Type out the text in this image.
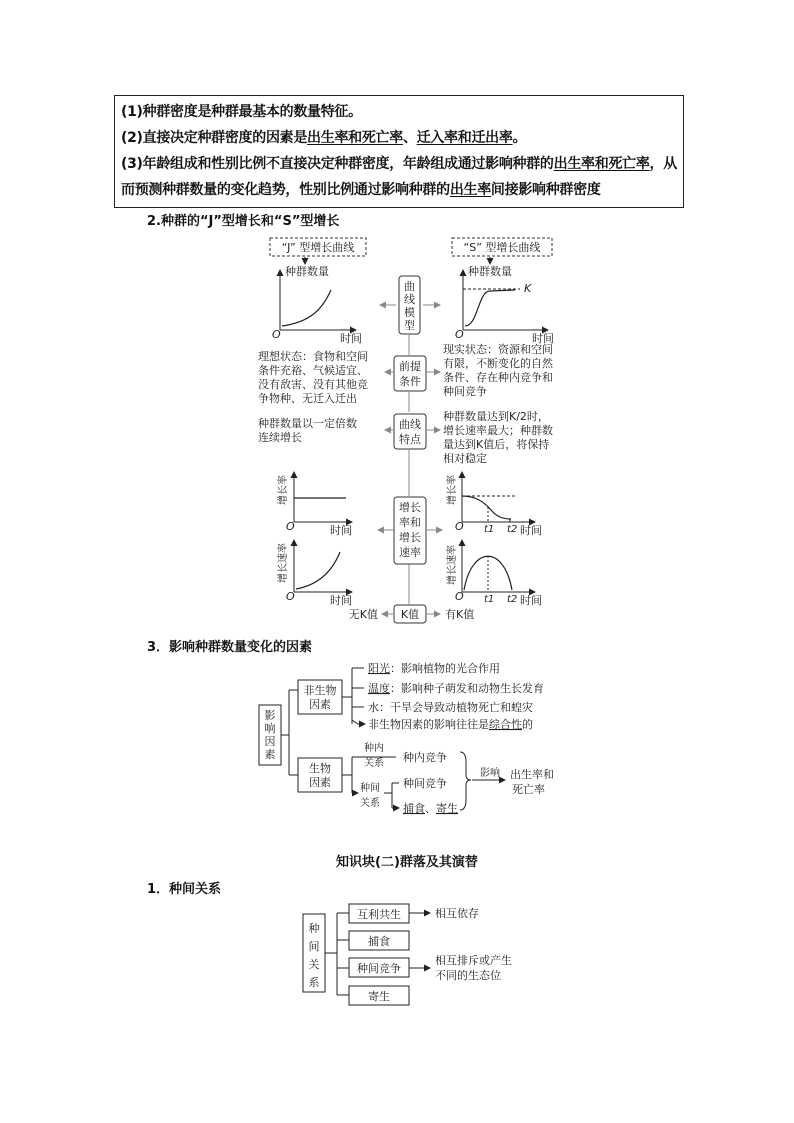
(1)种群密度是种群最基本的数量特征。
(2)直接决定种群密度的因素是出生率和死亡率、迁入率和迁出率。
(3)年龄组成和性别比例不直接决定种群密度，年龄组成通过影响种群的出生率和死亡率，从
而预测种群数量的变化趋势，性别比例通过影响种群的出生率间接影响种群密度
2.种群的“J”型增长和“S”型增长
“J” 型增长曲线	“S” 型增长曲线
种群数量
O	时间
种群数量
O	时间
K
曲
线
模
型
前提
条件
曲线
特点
增长
率和
增长
速率
K值
理想状态：食物和空间
条件充裕、气候适宜、
没有敌害、没有其他竞
争物种、无迁入迁出
现实状态：资源和空间
有限，不断变化的自然
条件、存在种内竞争和
种间竞争
种群数量以一定倍数
连续增长
种群数量达到K/2时，
增长速率最大；种群数
量达到K值后，将保持
相对稳定
增长率
O	时间
增长率
O	时间
t1 t2
增长速率
O	时间
增长速率
O	时间
t1 t2
无K值	有K值
3．影响种群数量变化的因素
影
响
因
素
非生物
因素
阳光：影响植物的光合作用
温度：影响种子萌发和动物生长发育
水：干旱会导致动植物死亡和蝗灾
非生物因素的影响往往是综合性的
生物
因素
种内
关系 种内竞争
种间
关系
种间竞争
捕食、寄生
影响 出生率和
死亡率
知识块(二)群落及其演替
1．种间关系
种
间
关
系
互利共生	相互依存
捕食
种间竞争
相互排斥或产生
不同的生态位
寄生
